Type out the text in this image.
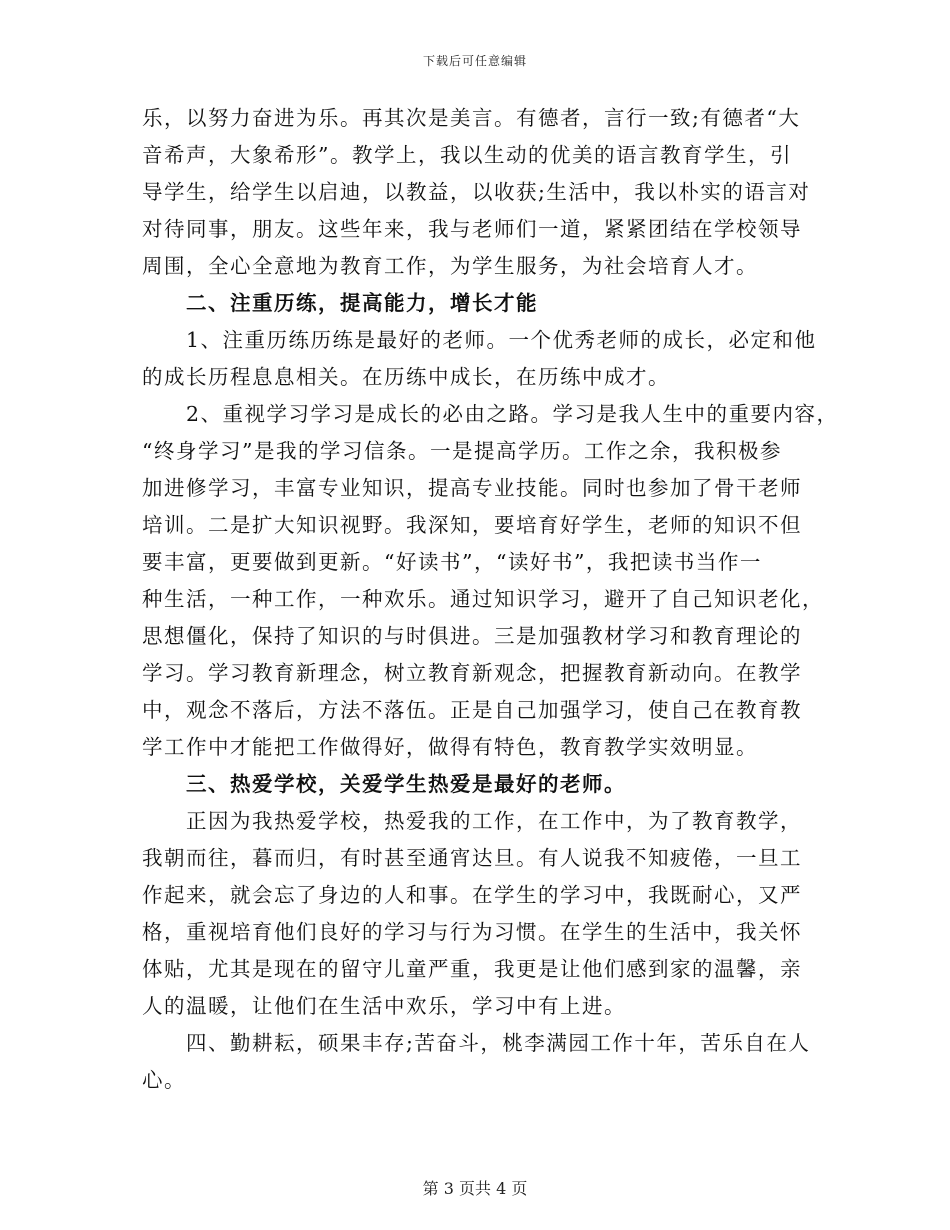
下载后可任意编辑
乐，以努力奋进为乐。再其次是美言。有德者，言行一致;有德者“大
音希声，大象希形”。教学上，我以生动的优美的语言教育学生，引
导学生，给学生以启迪，以教益，以收获;生活中，我以朴实的语言对
对待同事，朋友。这些年来，我与老师们一道，紧紧团结在学校领导
周围，全心全意地为教育工作，为学生服务，为社会培育人才。
二、注重历练，提高能力，增长才能
1、注重历练历练是最好的老师。一个优秀老师的成长，必定和他
的成长历程息息相关。在历练中成长，在历练中成才。
2、重视学习学习是成长的必由之路。学习是我人生中的重要内容，
“终身学习”是我的学习信条。一是提高学历。工作之余，我积极参
加进修学习，丰富专业知识，提高专业技能。同时也参加了骨干老师
培训。二是扩大知识视野。我深知，要培育好学生，老师的知识不但
要丰富，更要做到更新。“好读书”，“读好书”，我把读书当作一
种生活，一种工作，一种欢乐。通过知识学习，避开了自己知识老化，
思想僵化，保持了知识的与时俱进。三是加强教材学习和教育理论的
学习。学习教育新理念，树立教育新观念，把握教育新动向。在教学
中，观念不落后，方法不落伍。正是自己加强学习，使自己在教育教
学工作中才能把工作做得好，做得有特色，教育教学实效明显。
三、热爱学校，关爱学生热爱是最好的老师。
正因为我热爱学校，热爱我的工作，在工作中，为了教育教学，
我朝而往，暮而归，有时甚至通宵达旦。有人说我不知疲倦，一旦工
作起来，就会忘了身边的人和事。在学生的学习中，我既耐心，又严
格，重视培育他们良好的学习与行为习惯。在学生的生活中，我关怀
体贴，尤其是现在的留守儿童严重，我更是让他们感到家的温馨，亲
人的温暖，让他们在生活中欢乐，学习中有上进。
四、勤耕耘，硕果丰存;苦奋斗，桃李满园工作十年，苦乐自在人
心。
第 3 页共 4 页
